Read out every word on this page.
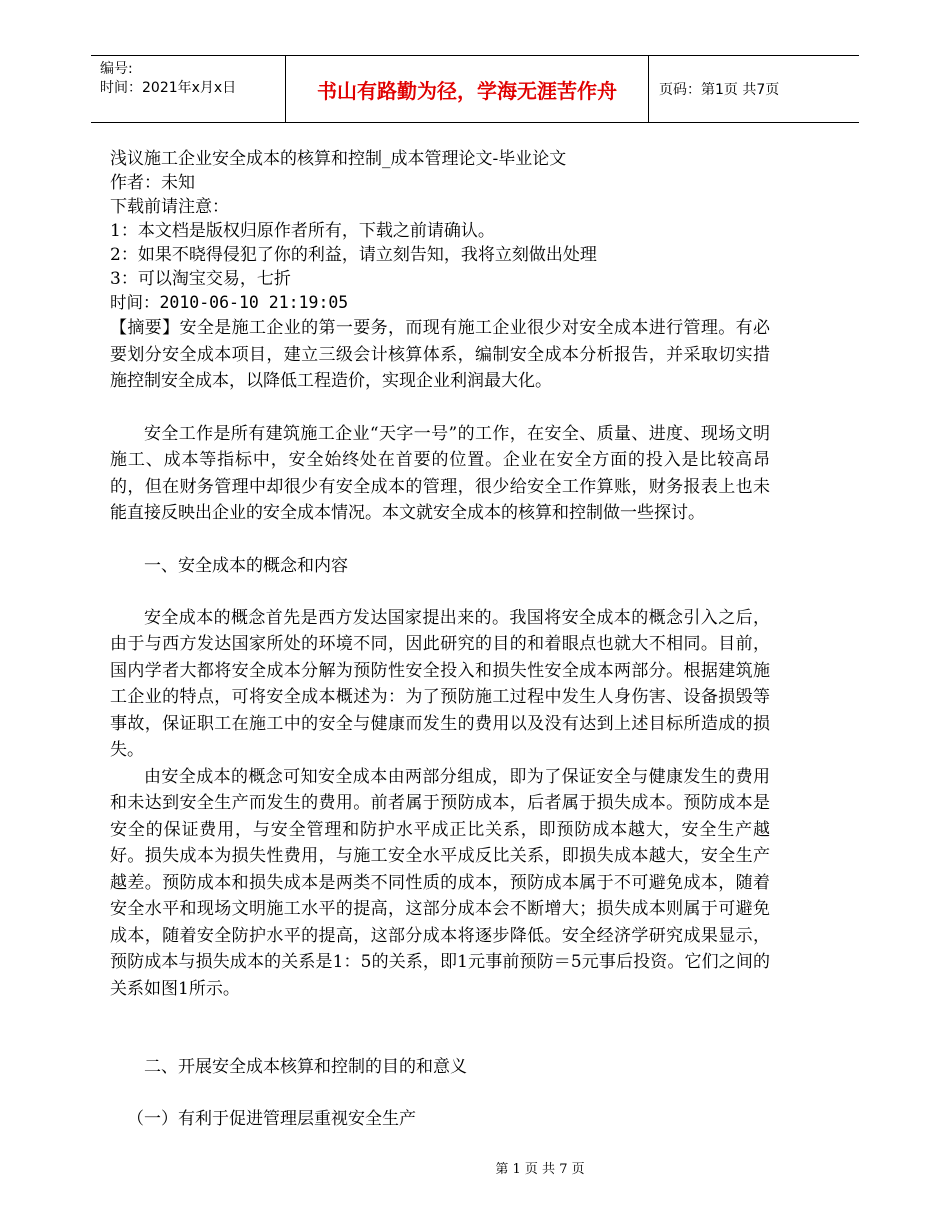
编号:
时间：2021年x月x日	书山有路勤为径，学海无涯苦作舟	页码：第1页 共7页

浅议施工企业安全成本的核算和控制_成本管理论文-毕业论文

作者：未知

下载前请注意：

1：本文档是版权归原作者所有，下载之前请确认。

2：如果不晓得侵犯了你的利益，请立刻告知，我将立刻做出处理

3：可以淘宝交易，七折

时间：2010-06-10 21:19:05

【摘要】安全是施工企业的第一要务，而现有施工企业很少对安全成本进行管理。有必要划分安全成本项目，建立三级会计核算体系，编制安全成本分析报告，并采取切实措施控制安全成本，以降低工程造价，实现企业利润最大化。

安全工作是所有建筑施工企业“天字一号”的工作，在安全、质量、进度、现场文明施工、成本等指标中，安全始终处在首要的位置。企业在安全方面的投入是比较高昂的，但在财务管理中却很少有安全成本的管理，很少给安全工作算账，财务报表上也未能直接反映出企业的安全成本情况。本文就安全成本的核算和控制做一些探讨。

一、安全成本的概念和内容

安全成本的概念首先是西方发达国家提出来的。我国将安全成本的概念引入之后，由于与西方发达国家所处的环境不同，因此研究的目的和着眼点也就大不相同。目前，国内学者大都将安全成本分解为预防性安全投入和损失性安全成本两部分。根据建筑施工企业的特点，可将安全成本概述为：为了预防施工过程中发生人身伤害、设备损毁等事故，保证职工在施工中的安全与健康而发生的费用以及没有达到上述目标所造成的损失。

由安全成本的概念可知安全成本由两部分组成，即为了保证安全与健康发生的费用和未达到安全生产而发生的费用。前者属于预防成本，后者属于损失成本。预防成本是安全的保证费用，与安全管理和防护水平成正比关系，即预防成本越大，安全生产越好。损失成本为损失性费用，与施工安全水平成反比关系，即损失成本越大，安全生产越差。预防成本和损失成本是两类不同性质的成本，预防成本属于不可避免成本，随着安全水平和现场文明施工水平的提高，这部分成本会不断增大；损失成本则属于可避免成本，随着安全防护水平的提高，这部分成本将逐步降低。安全经济学研究成果显示，预防成本与损失成本的关系是1：5的关系，即1元事前预防＝5元事后投资。它们之间的关系如图1所示。

二、开展安全成本核算和控制的目的和意义

（一）有利于促进管理层重视安全生产

第 1 页 共 7 页
